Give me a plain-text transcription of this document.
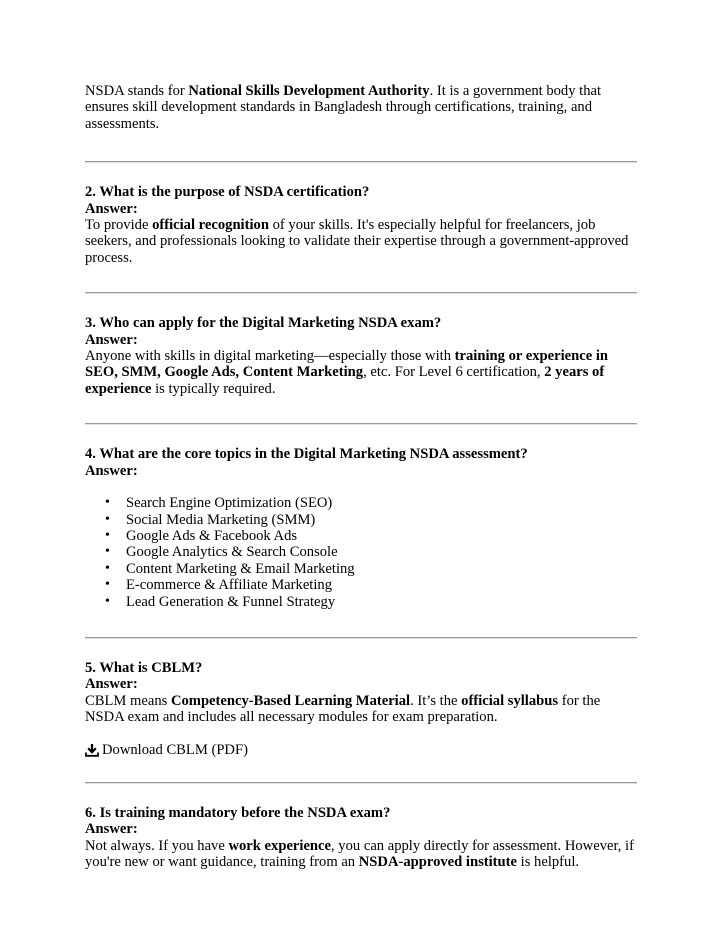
NSDA stands for National Skills Development Authority. It is a government body that ensures skill development standards in Bangladesh through certifications, training, and assessments.

2. What is the purpose of NSDA certification?

Answer:

To provide official recognition of your skills. It's especially helpful for freelancers, job seekers, and professionals looking to validate their expertise through a government-approved process.

3. Who can apply for the Digital Marketing NSDA exam?

Answer:

Anyone with skills in digital marketing—especially those with training or experience in SEO, SMM, Google Ads, Content Marketing, etc. For Level 6 certification, 2 years of experience is typically required.

4. What are the core topics in the Digital Marketing NSDA assessment?

Answer:

• Search Engine Optimization (SEO)
• Social Media Marketing (SMM)
• Google Ads & Facebook Ads
• Google Analytics & Search Console
• Content Marketing & Email Marketing
• E-commerce & Affiliate Marketing
• Lead Generation & Funnel Strategy

5. What is CBLM?

Answer:

CBLM means Competency-Based Learning Material. It’s the official syllabus for the NSDA exam and includes all necessary modules for exam preparation.

Download CBLM (PDF)

6. Is training mandatory before the NSDA exam?

Answer:

Not always. If you have work experience, you can apply directly for assessment. However, if you're new or want guidance, training from an NSDA-approved institute is helpful.
